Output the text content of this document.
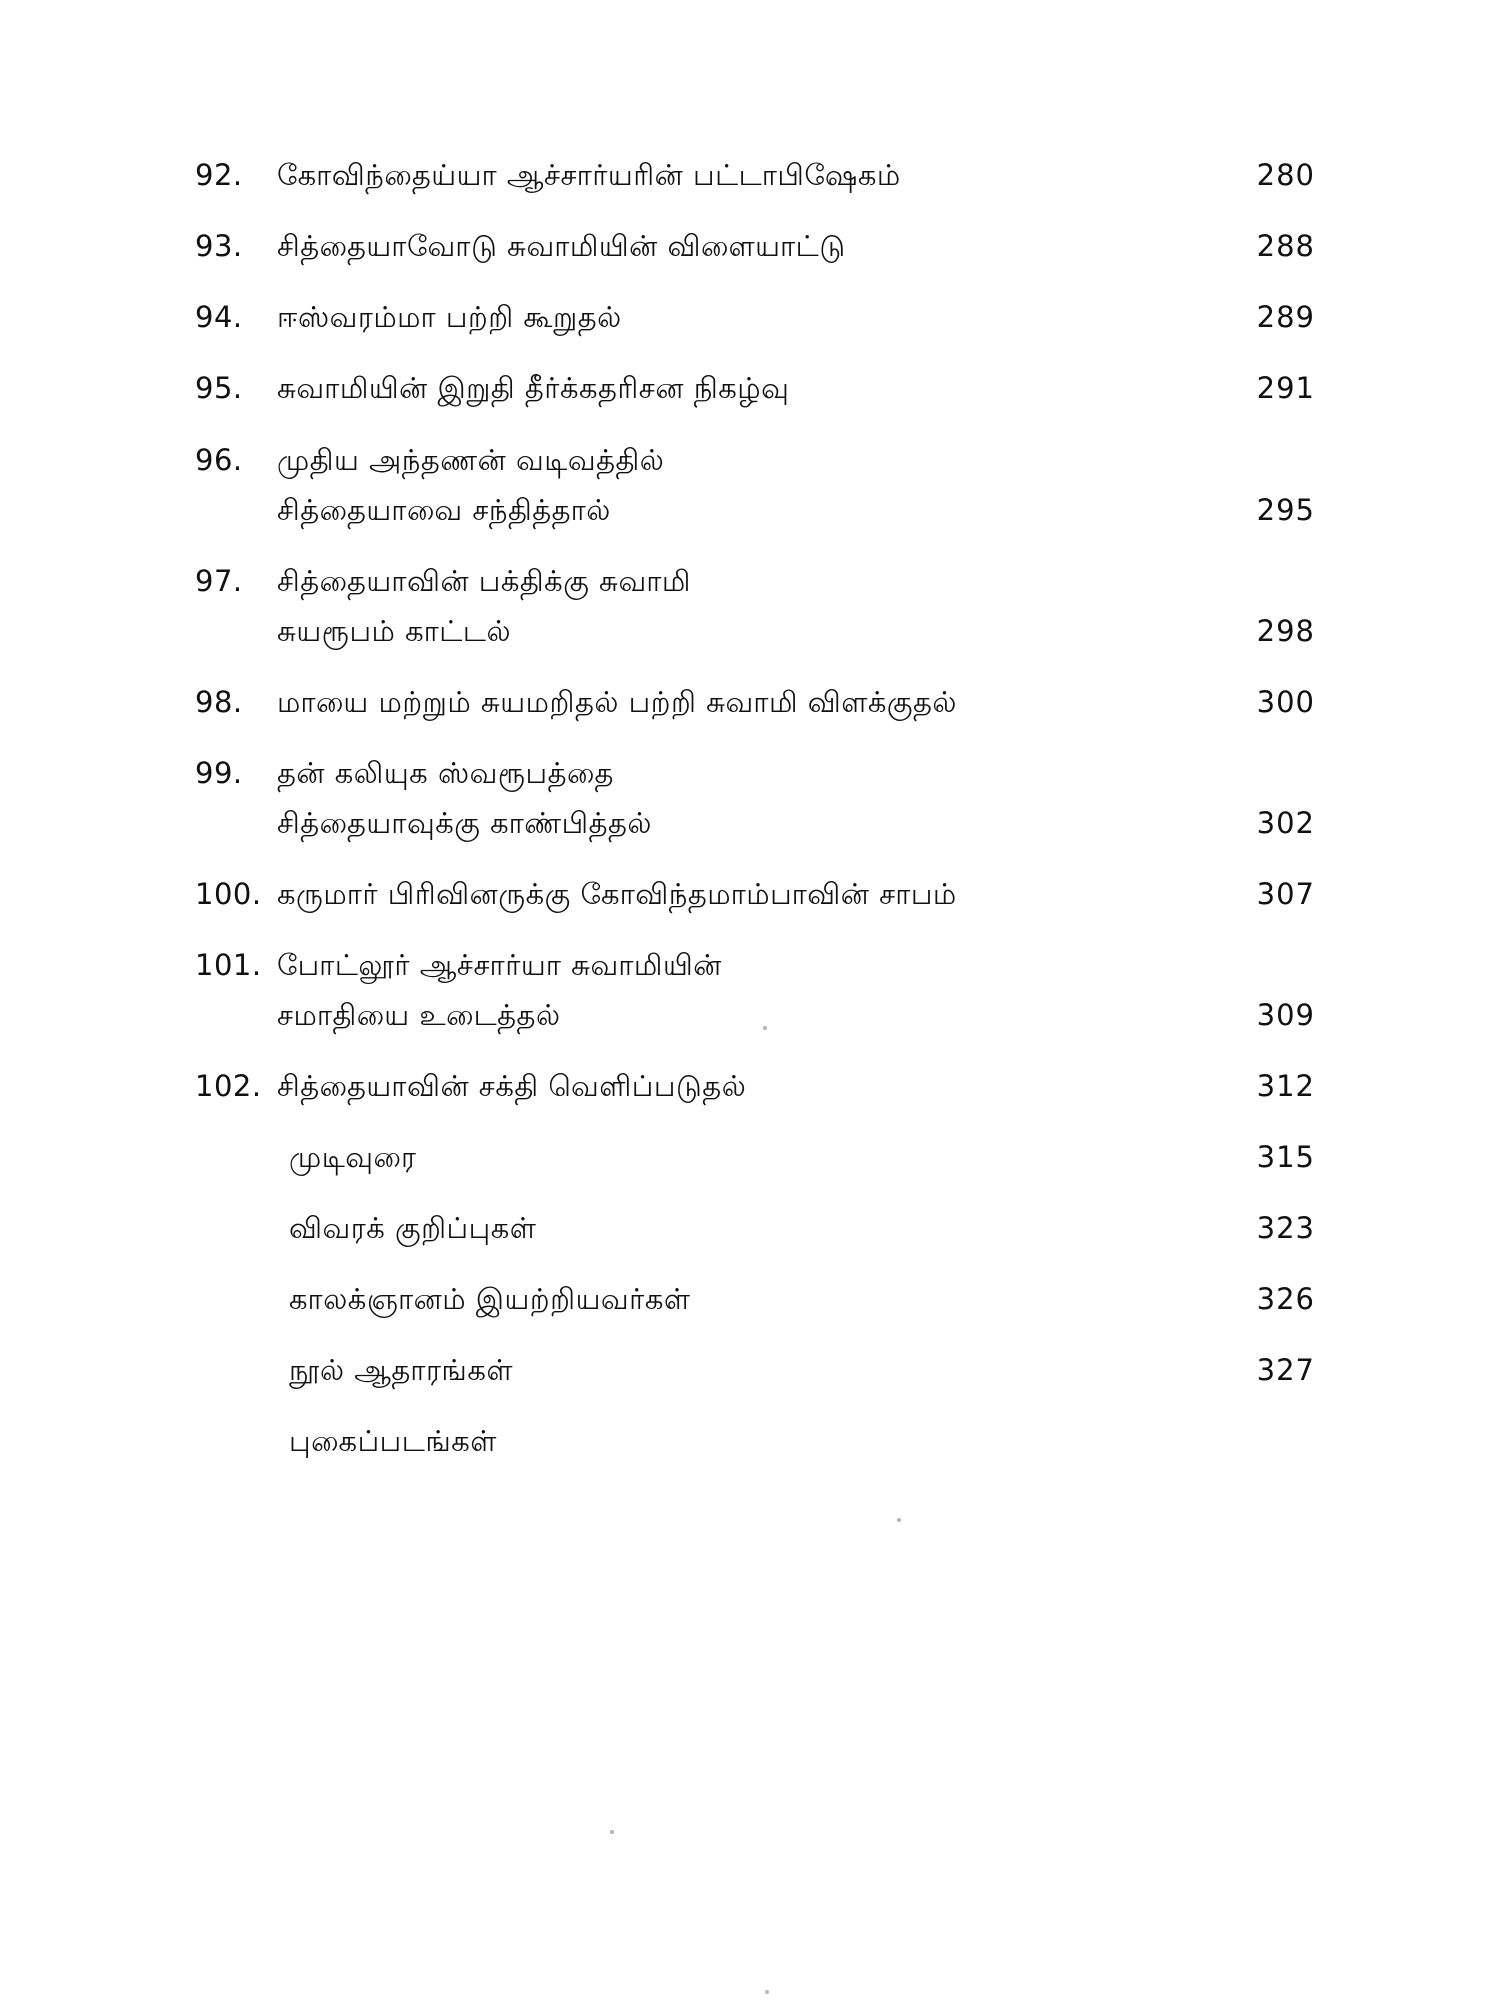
92.	கோவிந்தைய்யா ஆச்சார்யரின் பட்டாபிஷேகம்	280
93.	சித்தையாவோடு சுவாமியின் விளையாட்டு	288
94.	ஈஸ்வரம்மா பற்றி கூறுதல்	289
95.	சுவாமியின் இறுதி தீர்க்கதரிசன நிகழ்வு	291
96.	முதிய அந்தணன் வடிவத்தில்
சித்தையாவை சந்தித்தால்	295
97.	சித்தையாவின் பக்திக்கு சுவாமி
சுயரூபம் காட்டல்	298
98.	மாயை மற்றும் சுயமறிதல் பற்றி சுவாமி விளக்குதல்	300
99.	தன் கலியுக ஸ்வரூபத்தை
சித்தையாவுக்கு காண்பித்தல்	302
100. கருமார் பிரிவினருக்கு கோவிந்தமாம்பாவின் சாபம்	307
101. போட்லூர் ஆச்சார்யா சுவாமியின்
சமாதியை உடைத்தல்	309
102. சித்தையாவின் சக்தி வெளிப்படுதல்	312
முடிவுரை	315
விவரக் குறிப்புகள்	323
காலக்ஞானம் இயற்றியவர்கள்	326
நூல் ஆதாரங்கள்	327
புகைப்படங்கள்
